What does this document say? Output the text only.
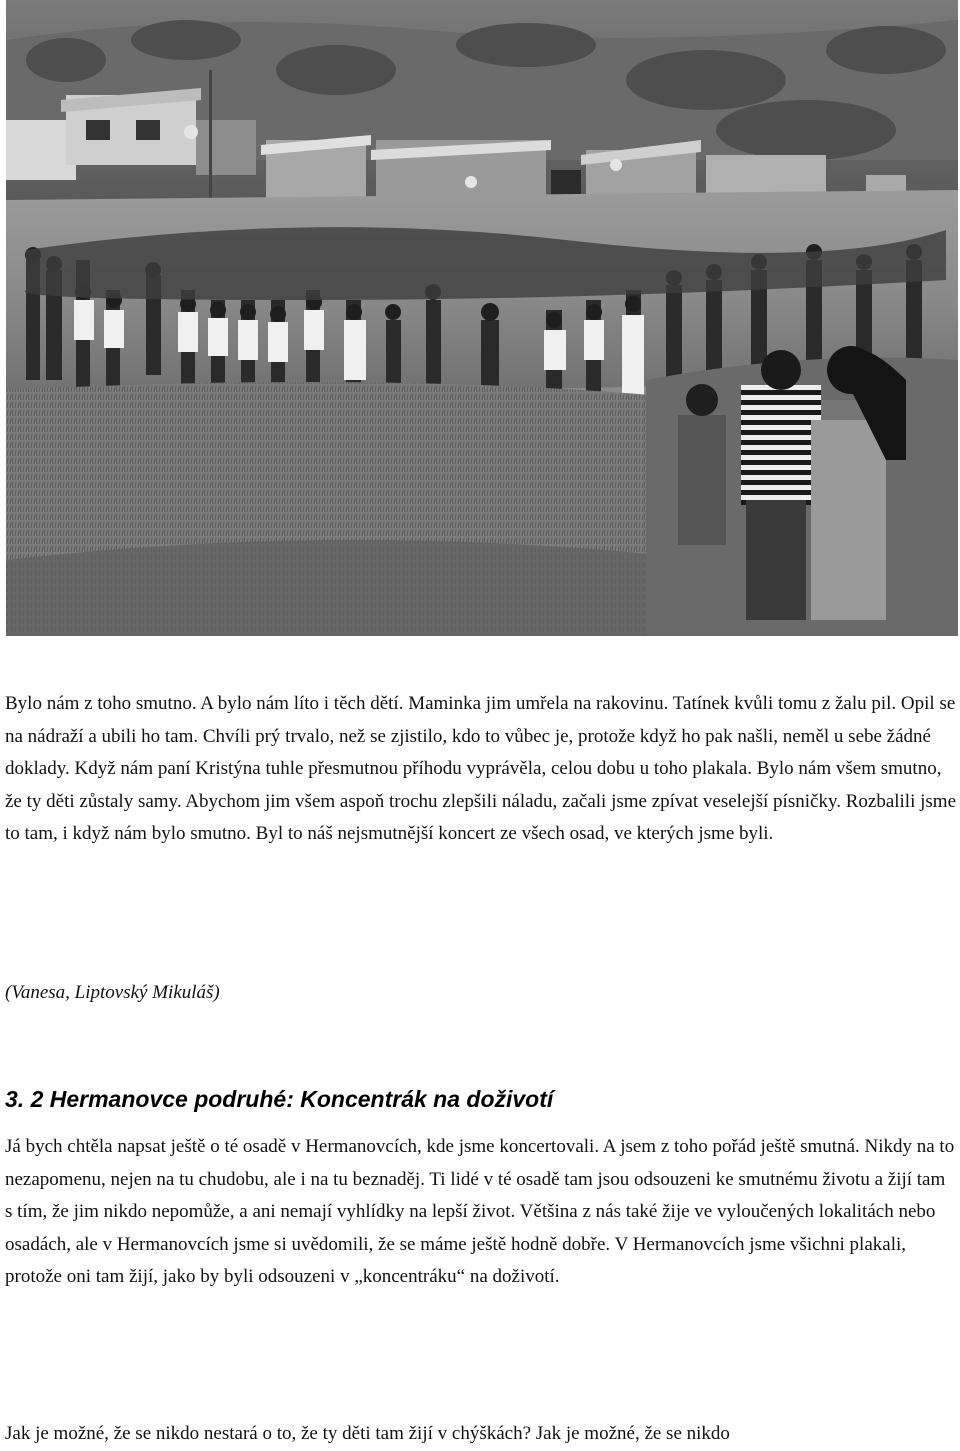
Bylo nám z toho smutno. A bylo nám líto i těch dětí. Maminka jim umřela na rakovinu. Tatínek kvůli tomu z žalu pil. Opil se na nádraží a ubili ho tam. Chvíli prý trvalo, než se zjistilo, kdo to vůbec je, protože když ho pak našli, neměl u sebe žádné doklady. Když nám paní Kristýna tuhle přesmutnou příhodu vyprávěla, celou dobu u toho plakala. Bylo nám všem smutno, že ty děti zůstaly samy. Abychom jim všem aspoň trochu zlepšili náladu, začali jsme zpívat veselejší písničky. Rozbalili jsme to tam, i když nám bylo smutno. Byl to náš nejsmutnější koncert ze všech osad, ve kterých jsme byli.

(Vanesa, Liptovský Mikuláš)

3. 2 Hermanovce podruhé: Koncentrák na doživotí

Já bych chtěla napsat ještě o té osadě v Hermanovcích, kde jsme koncertovali. A jsem z toho pořád ještě smutná. Nikdy na to nezapomenu, nejen na tu chudobu, ale i na tu beznaděj. Ti lidé v té osadě tam jsou odsouzeni ke smutnému životu a žijí tam s tím, že jim nikdo nepomůže, a ani nemají vyhlídky na lepší život. Většina z nás také žije ve vyloučených lokalitách nebo osadách, ale v Hermanovcích jsme si uvědomili, že se máme ještě hodně dobře. V Hermanovcích jsme všichni plakali, protože oni tam žijí, jako by byli odsouzeni v „koncentráku“ na doživotí.

Jak je možné, že se nikdo nestará o to, že ty děti tam žijí v chýškách? Jak je možné, že se nikdo
